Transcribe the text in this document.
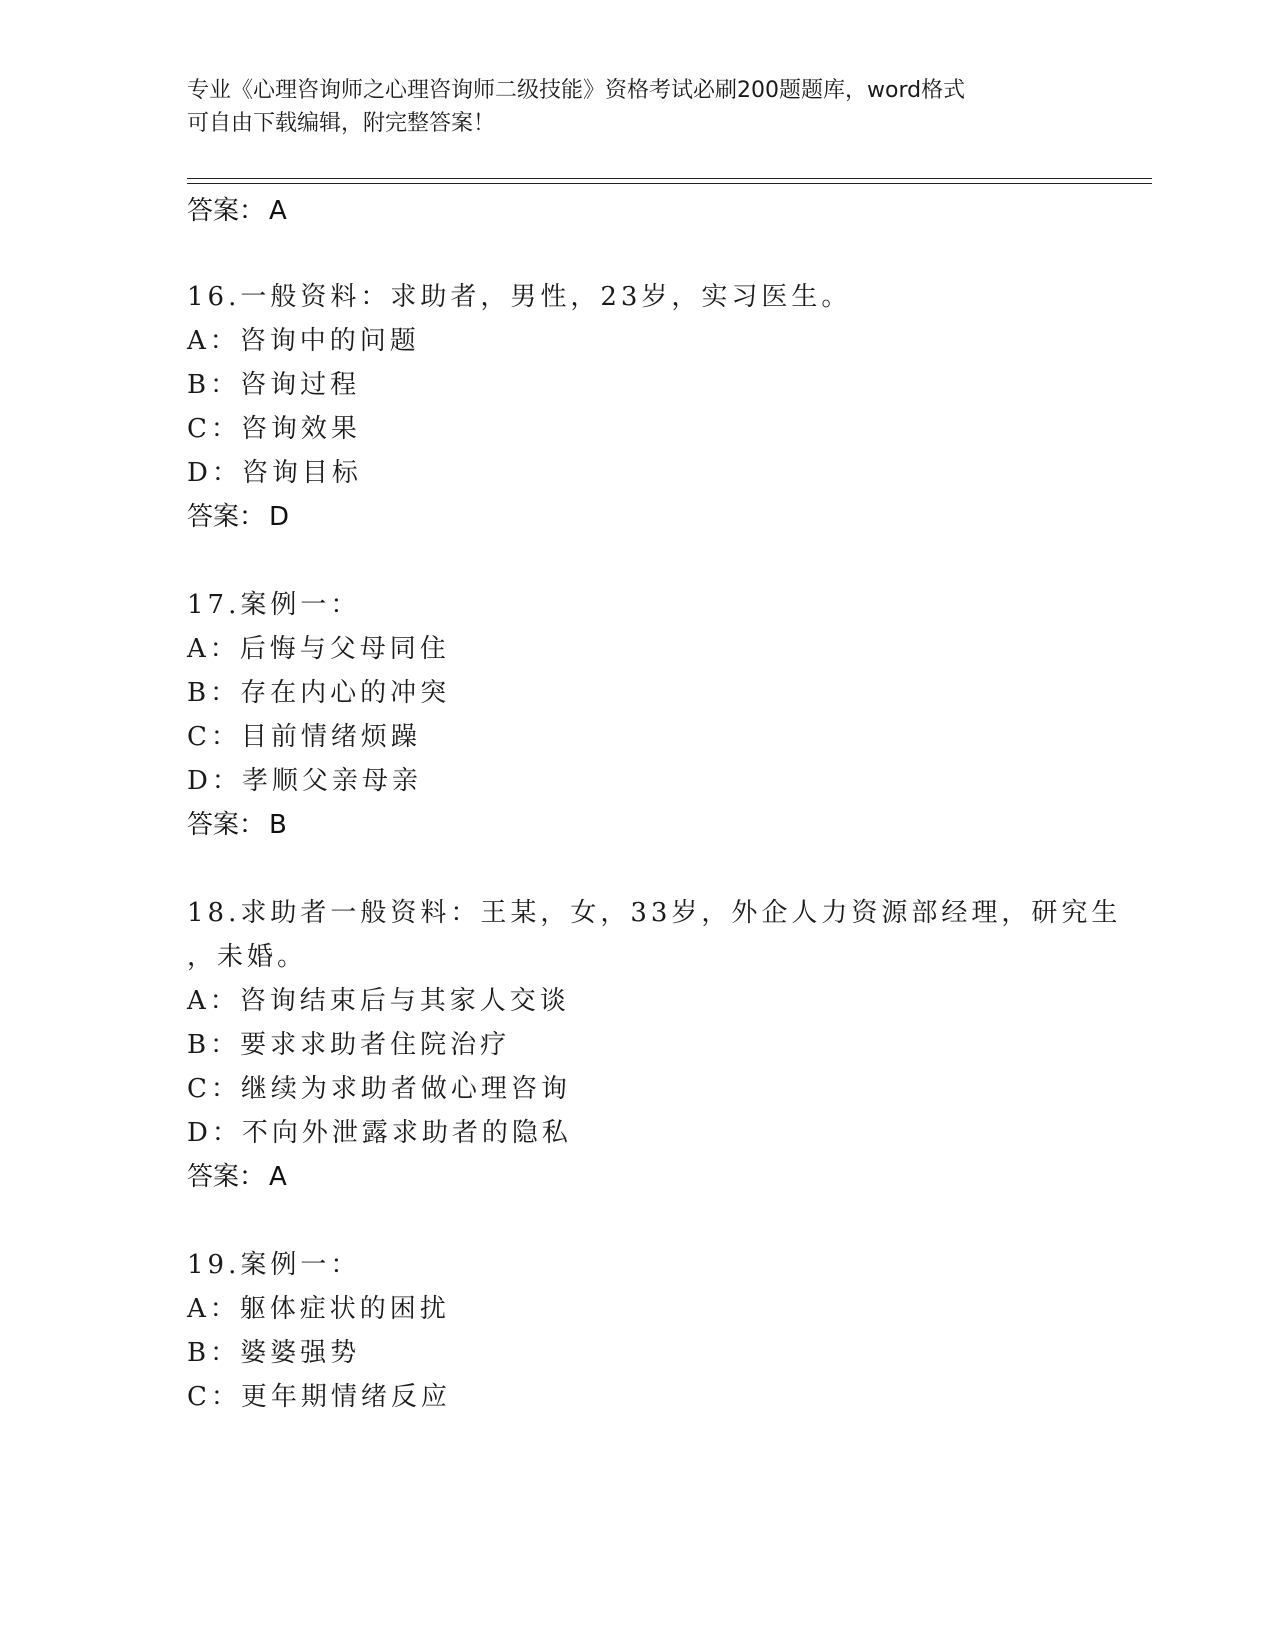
专业《心理咨询师之心理咨询师二级技能》资格考试必刷200题题库，word格式
可自由下载编辑，附完整答案！
答案： A
16.一般资料：求助者，男性，23岁，实习医生。
A：咨询中的问题
B：咨询过程
C：咨询效果
D：咨询目标
答案： D
17.案例一：
A：后悔与父母同住
B：存在内心的冲突
C：目前情绪烦躁
D：孝顺父亲母亲
答案： B
18.求助者一般资料：王某，女，33岁，外企人力资源部经理，研究生
，未婚。
A：咨询结束后与其家人交谈
B：要求求助者住院治疗
C：继续为求助者做心理咨询
D：不向外泄露求助者的隐私
答案： A
19.案例一：
A：躯体症状的困扰
B：婆婆强势
C：更年期情绪反应
